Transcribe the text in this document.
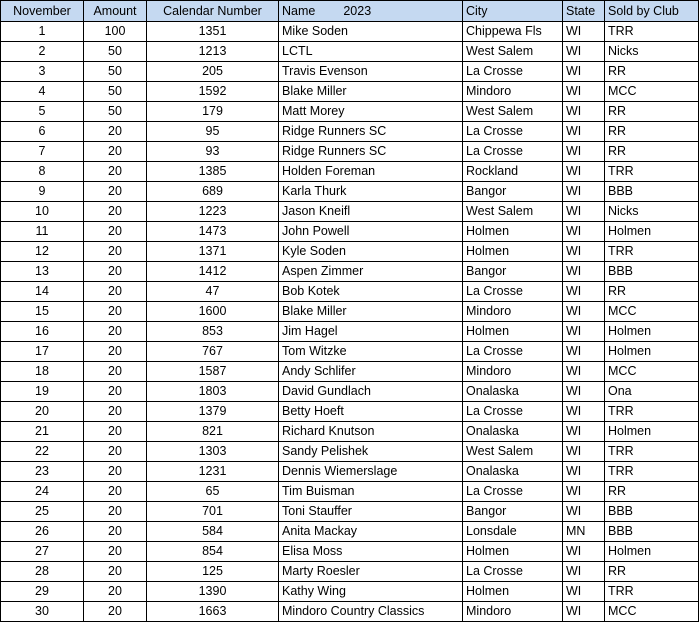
November	Amount	Calendar Number	Name 2023	City	State	Sold by Club
1	100	1351	Mike Soden	Chippewa Fls	WI	TRR
2	50	1213	LCTL	West Salem	WI	Nicks
3	50	205	Travis Evenson	La Crosse	WI	RR
4	50	1592	Blake Miller	Mindoro	WI	MCC
5	50	179	Matt Morey	West Salem	WI	RR
6	20	95	Ridge Runners SC	La Crosse	WI	RR
7	20	93	Ridge Runners SC	La Crosse	WI	RR
8	20	1385	Holden Foreman	Rockland	WI	TRR
9	20	689	Karla Thurk	Bangor	WI	BBB
10	20	1223	Jason Kneifl	West Salem	WI	Nicks
11	20	1473	John Powell	Holmen	WI	Holmen
12	20	1371	Kyle Soden	Holmen	WI	TRR
13	20	1412	Aspen Zimmer	Bangor	WI	BBB
14	20	47	Bob Kotek	La Crosse	WI	RR
15	20	1600	Blake Miller	Mindoro	WI	MCC
16	20	853	Jim Hagel	Holmen	WI	Holmen
17	20	767	Tom Witzke	La Crosse	WI	Holmen
18	20	1587	Andy Schlifer	Mindoro	WI	MCC
19	20	1803	David Gundlach	Onalaska	WI	Ona
20	20	1379	Betty Hoeft	La Crosse	WI	TRR
21	20	821	Richard Knutson	Onalaska	WI	Holmen
22	20	1303	Sandy Pelishek	West Salem	WI	TRR
23	20	1231	Dennis Wiemerslage	Onalaska	WI	TRR
24	20	65	Tim Buisman	La Crosse	WI	RR
25	20	701	Toni Stauffer	Bangor	WI	BBB
26	20	584	Anita Mackay	Lonsdale	MN	BBB
27	20	854	Elisa Moss	Holmen	WI	Holmen
28	20	125	Marty Roesler	La Crosse	WI	RR
29	20	1390	Kathy Wing	Holmen	WI	TRR
30	20	1663	Mindoro Country Classics	Mindoro	WI	MCC
